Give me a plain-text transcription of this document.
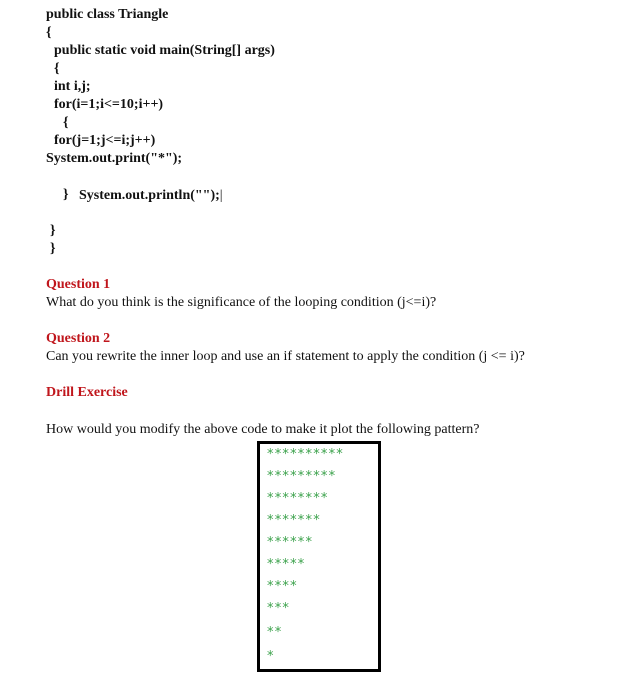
public class Triangle
{
public static void main(String[] args)
{
int i,j;
for(i=1;i<=10;i++)
{
for(j=1;j<=i;j++)
System.out.print("*");

System.out.println("");|

}
}
}
Question 1
What do you think is the significance of the looping condition (j<=i)?
Question 2
Can you rewrite the inner loop and use an if statement to apply the condition (j <= i)?
Drill Exercise
How would you modify the above code to make it plot the following pattern?
**********
*********
********
*******
******
*****
****
***
**
*
